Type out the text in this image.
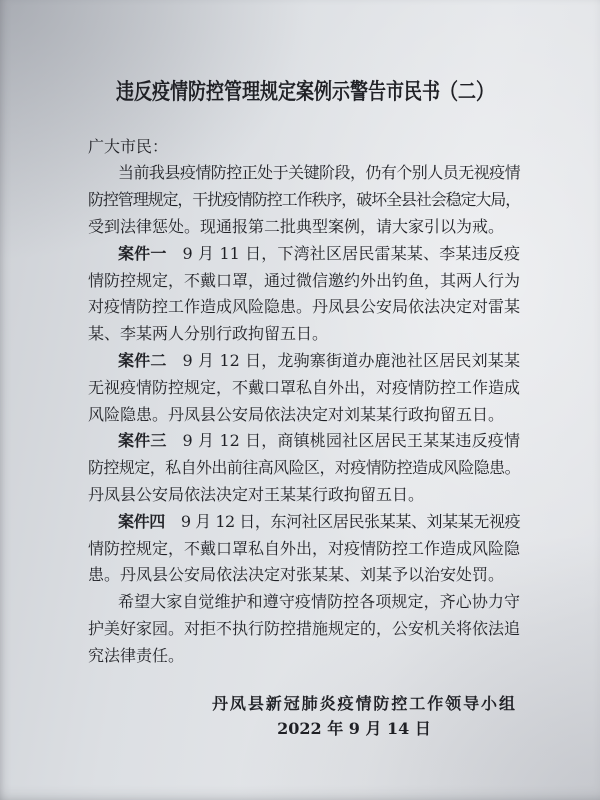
违反疫情防控管理规定案例示警告市民书（二）
广大市民：
当前我县疫情防控正处于关键阶段，仍有个别人员无视疫情
防控管理规定，干扰疫情防控工作秩序，破坏全县社会稳定大局，
受到法律惩处。现通报第二批典型案例，请大家引以为戒。
案件一 9 月 11 日，下湾社区居民雷某某、李某违反疫
情防控规定，不戴口罩，通过微信邀约外出钓鱼，其两人行为
对疫情防控工作造成风险隐患。丹凤县公安局依法决定对雷某
某、李某两人分别行政拘留五日。
案件二 9 月 12 日，龙驹寨街道办鹿池社区居民刘某某
无视疫情防控规定，不戴口罩私自外出，对疫情防控工作造成
风险隐患。丹凤县公安局依法决定对刘某某行政拘留五日。
案件三 9 月 12 日，商镇桃园社区居民王某某违反疫情
防控规定，私自外出前往高风险区，对疫情防控造成风险隐患。
丹凤县公安局依法决定对王某某行政拘留五日。
案件四 9 月 12 日，东河社区居民张某某、刘某某无视疫
情防控规定，不戴口罩私自外出，对疫情防控工作造成风险隐
患。丹凤县公安局依法决定对张某某、刘某予以治安处罚。
希望大家自觉维护和遵守疫情防控各项规定，齐心协力守
护美好家园。对拒不执行防控措施规定的，公安机关将依法追
究法律责任。
丹凤县新冠肺炎疫情防控工作领导小组
2022 年 9 月 14 日
